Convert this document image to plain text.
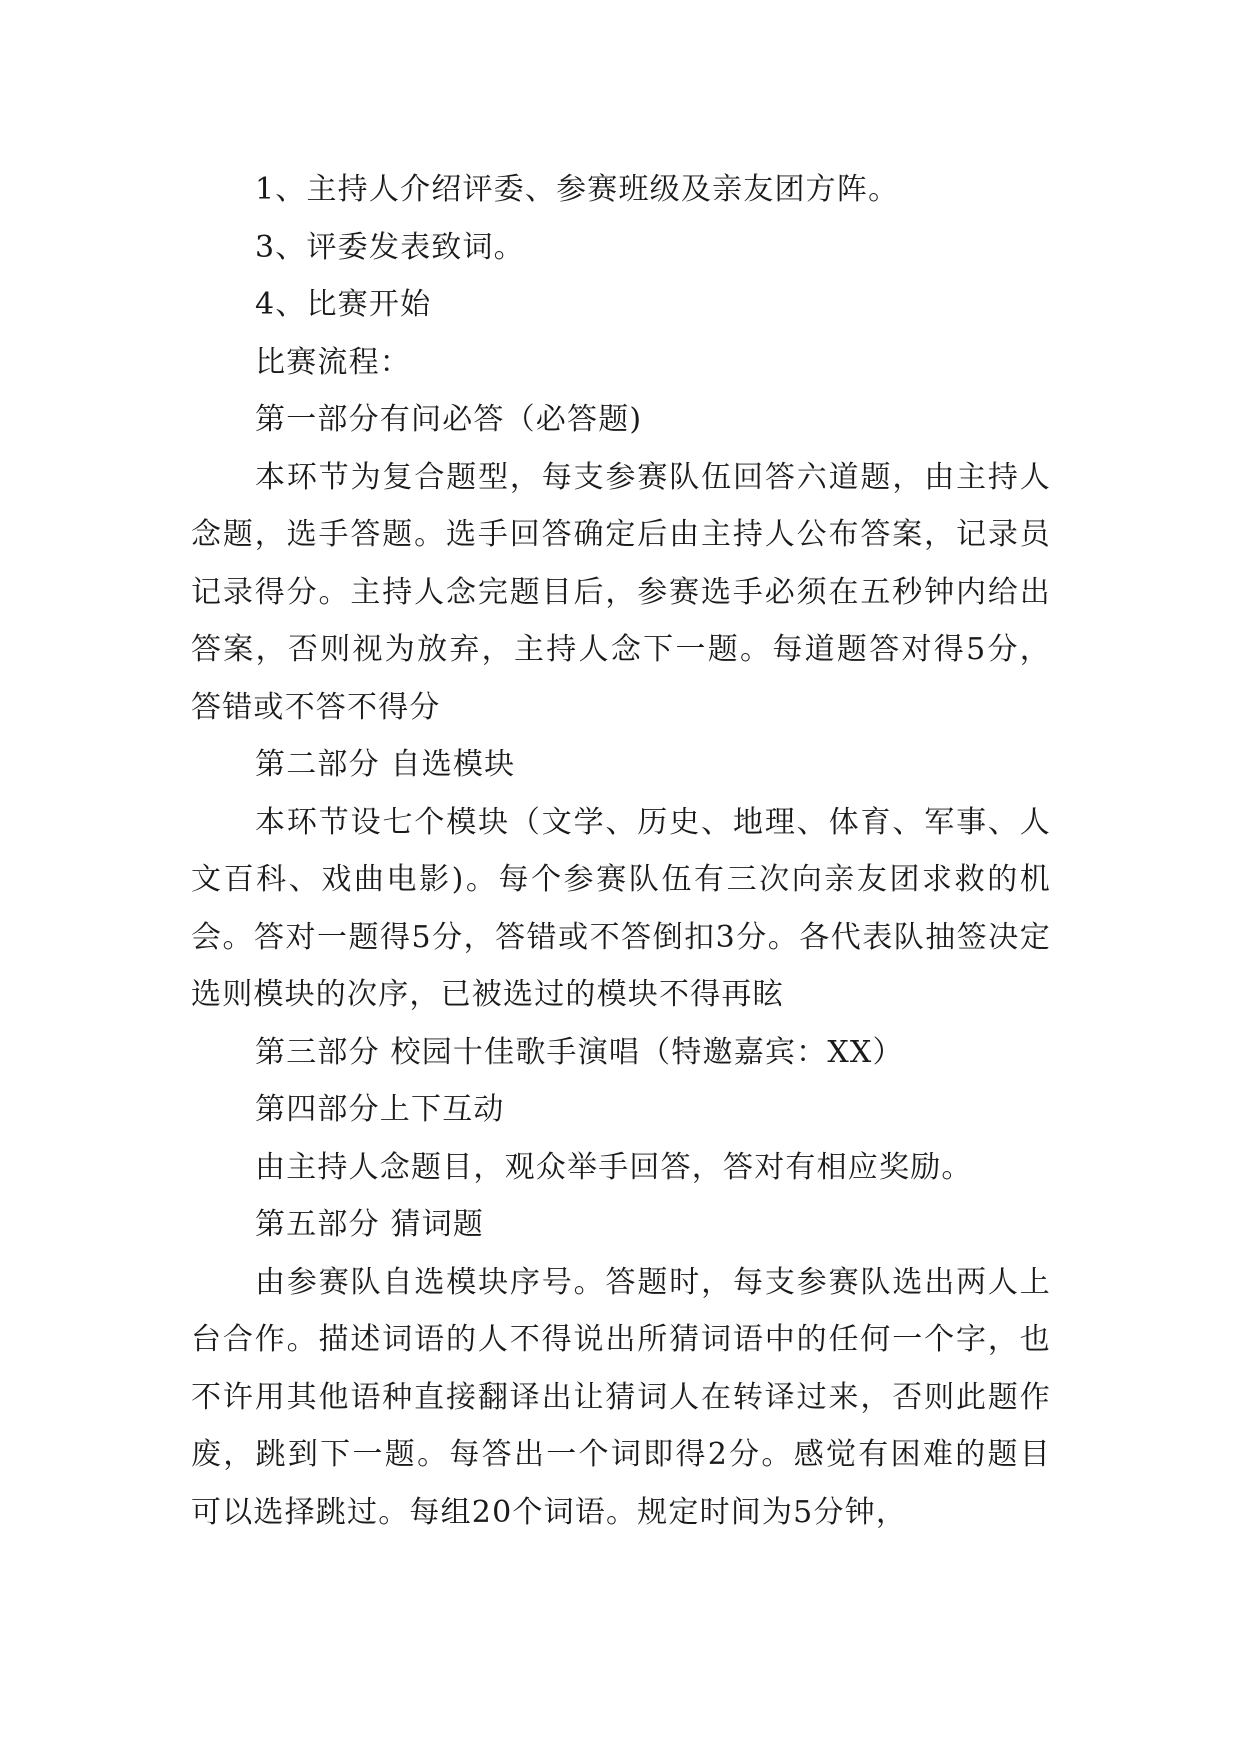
1、主持人介绍评委、参赛班级及亲友团方阵。

3、评委发表致词。

4、比赛开始

比赛流程：

第一部分有问必答（必答题)

本环节为复合题型，每支参赛队伍回答六道题，由主持人念题，选手答题。选手回答确定后由主持人公布答案，记录员记录得分。主持人念完题目后，参赛选手必须在五秒钟内给出答案，否则视为放弃，主持人念下一题。每道题答对得5分，答错或不答不得分

第二部分 自选模块

本环节设七个模块（文学、历史、地理、体育、军事、人文百科、戏曲电影)。每个参赛队伍有三次向亲友团求救的机会。答对一题得5分，答错或不答倒扣3分。各代表队抽签决定选则模块的次序，已被选过的模块不得再眩

第三部分 校园十佳歌手演唱（特邀嘉宾：XX）

第四部分上下互动

由主持人念题目，观众举手回答，答对有相应奖励。

第五部分 猜词题

由参赛队自选模块序号。答题时，每支参赛队选出两人上台合作。描述词语的人不得说出所猜词语中的任何一个字，也不许用其他语种直接翻译出让猜词人在转译过来，否则此题作废，跳到下一题。每答出一个词即得2分。感觉有困难的题目可以选择跳过。每组20个词语。规定时间为5分钟，
